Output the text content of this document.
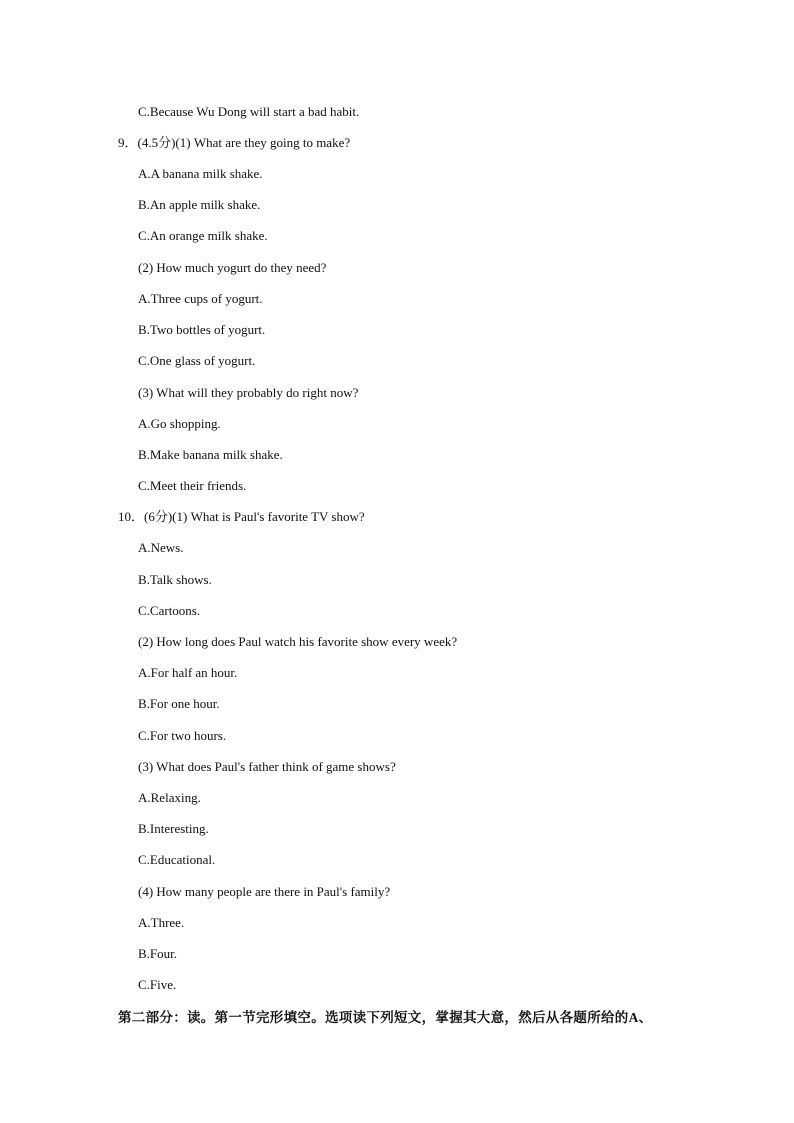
C.Because Wu Dong will start a bad habit.
9．(4.5分)(1) What are they going to make?
A.A banana milk shake.
B.An apple milk shake.
C.An orange milk shake.
(2) How much yogurt do they need?
A.Three cups of yogurt.
B.Two bottles of yogurt.
C.One glass of yogurt.
(3) What will they probably do right now?
A.Go shopping.
B.Make banana milk shake.
C.Meet their friends.
10．(6分)(1) What is Paul's favorite TV show?
A.News.
B.Talk shows.
C.Cartoons.
(2) How long does Paul watch his favorite show every week?
A.For half an hour.
B.For one hour.
C.For two hours.
(3) What does Paul's father think of game shows?
A.Relaxing.
B.Interesting.
C.Educational.
(4) How many people are there in Paul's family?
A.Three.
B.Four.
C.Five.
第二部分：读。第一节完形填空。选项读下列短文，掌握其大意，然后从各题所给的A、
